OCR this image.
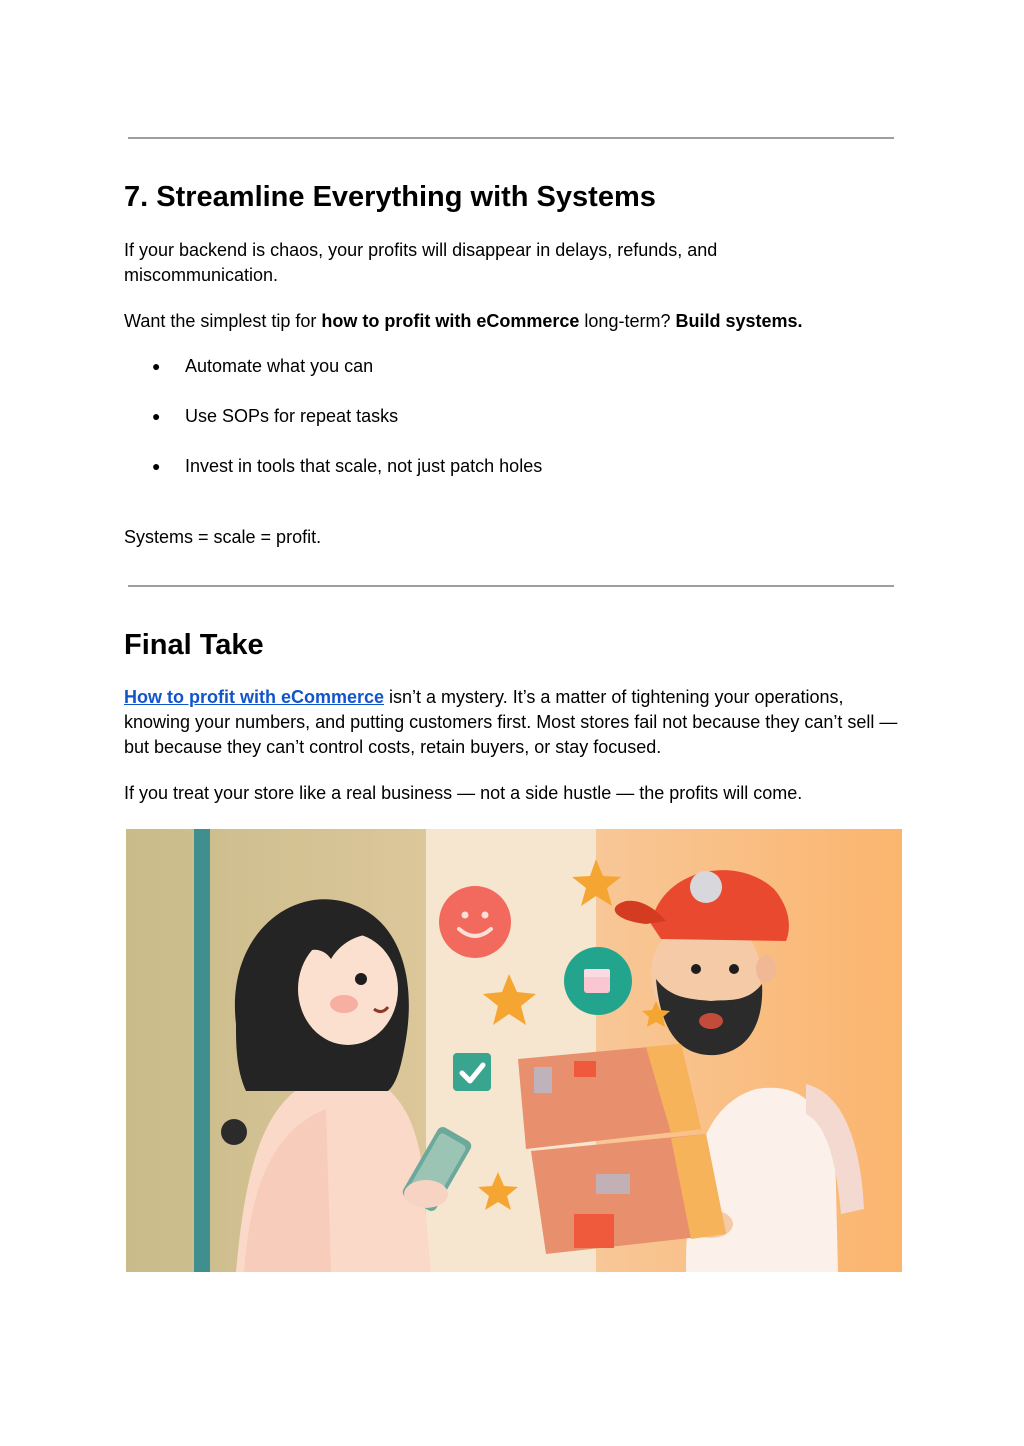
7. Streamline Everything with Systems

If your backend is chaos, your profits will disappear in delays, refunds, and miscommunication.

Want the simplest tip for how to profit with eCommerce long-term? Build systems.

● Automate what you can
● Use SOPs for repeat tasks
● Invest in tools that scale, not just patch holes

Systems = scale = profit.

Final Take

How to profit with eCommerce isn’t a mystery. It’s a matter of tightening your operations, knowing your numbers, and putting customers first. Most stores fail not because they can’t sell — but because they can’t control costs, retain buyers, or stay focused.

If you treat your store like a real business — not a side hustle — the profits will come.
